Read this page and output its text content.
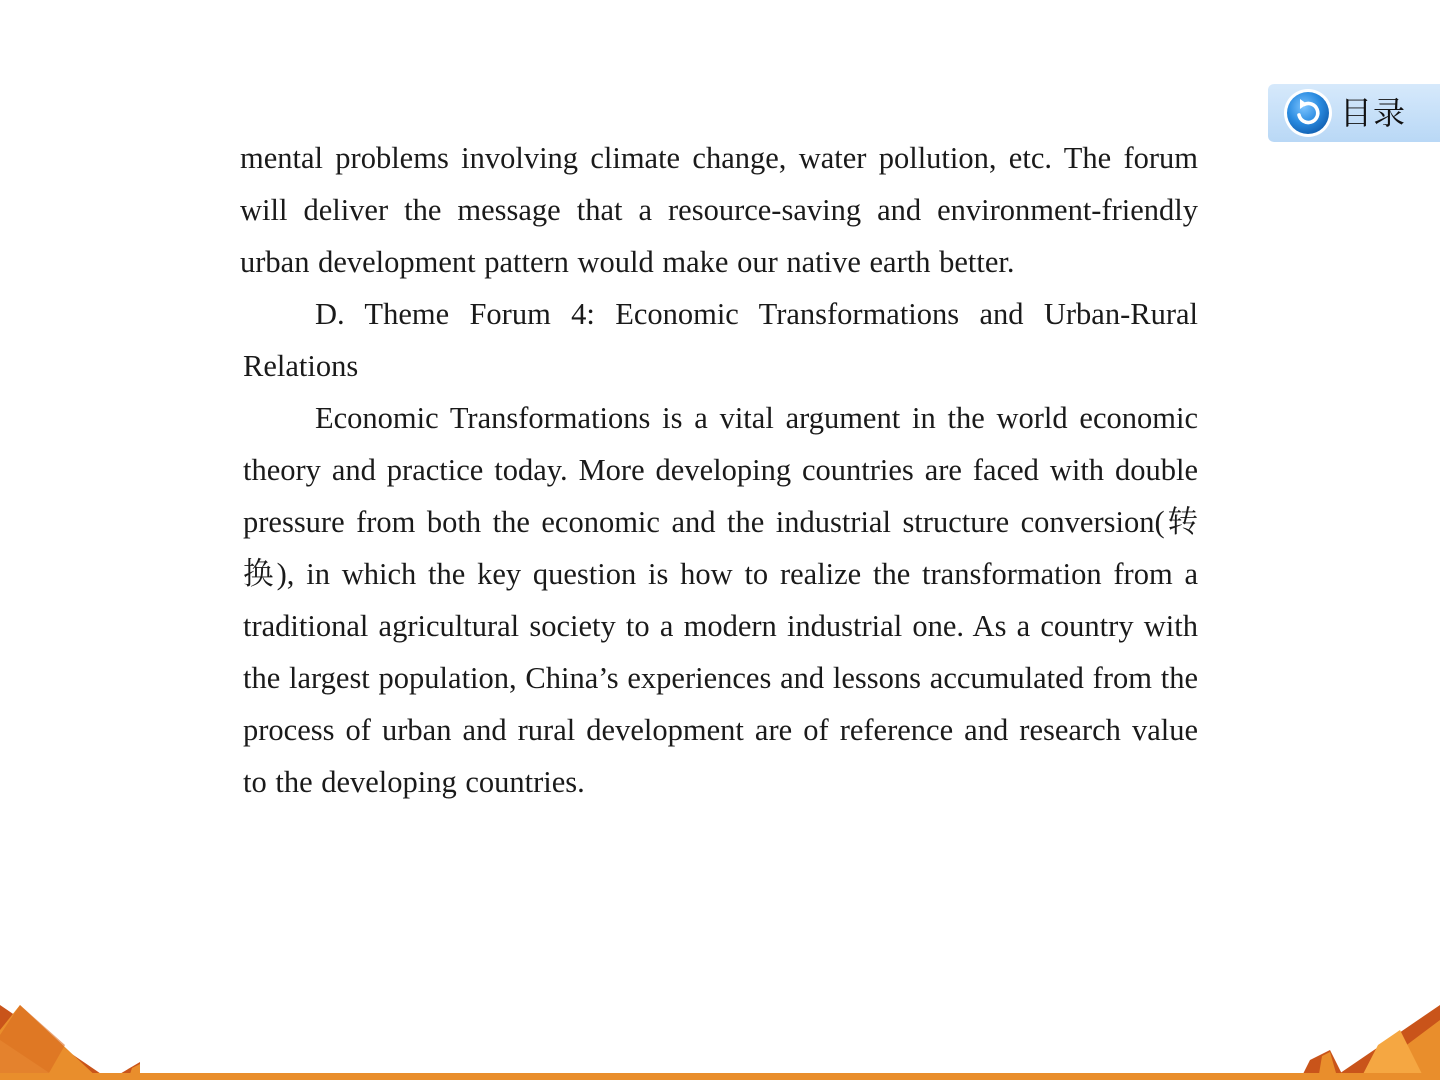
目录

mental problems involving climate change, water pollution, etc. The forum will deliver the message that a resource-saving and environment-friendly urban development pattern would make our native earth better.

D. Theme Forum 4: Economic Transformations and Urban-Rural Relations

Economic Transformations is a vital argument in the world economic theory and practice today. More developing countries are faced with double pressure from both the economic and the industrial structure conversion(转换), in which the key question is how to realize the transformation from a traditional agricultural society to a modern industrial one. As a country with the largest population, China’s experiences and lessons accumulated from the process of urban and rural development are of reference and research value to the developing countries.
